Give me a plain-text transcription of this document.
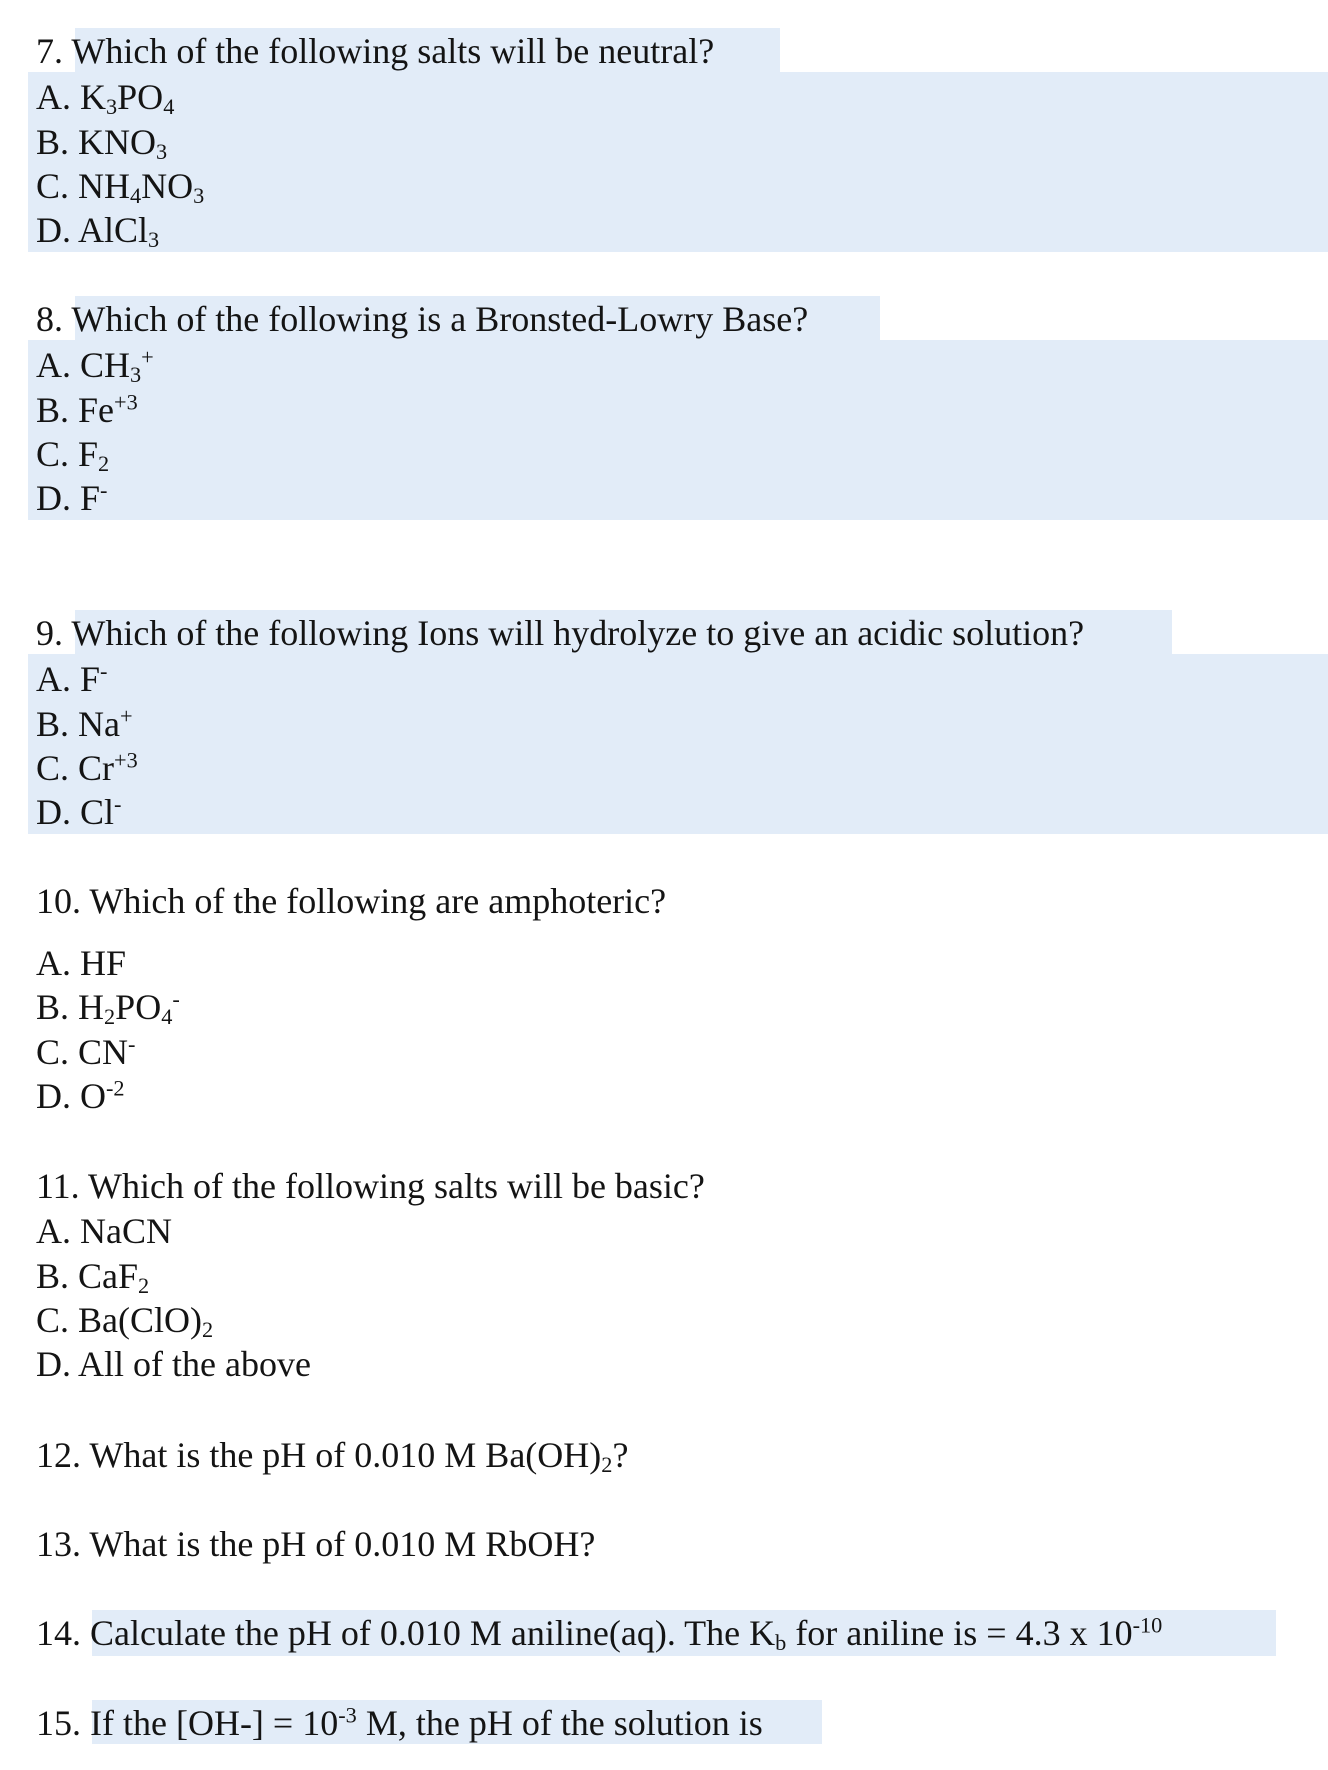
7. Which of the following salts will be neutral?
A. $K_3PO_4$
B. $KNO_3$
C. $NH_4NO_3$
D. AlCl$_3$
8. Which of the following is a Bronsted-Lowry Base?
A. $CH_3^+$
B. $Fe^{+3}$
C. $F_2$
D. F-
9. Which of the following Ions will hydrolyze to give an acidic solution?
A. F-
B. Na+
C. $Cr^{+3}$
D. Cl-
10. Which of the following are amphoteric?
A. HF
B. $H_2PO_4^-$
C. CN-
D. $O^{-2}$
11. Which of the following salts will be basic?
A. NaCN
B. CaF$_2$
C. $Ba(ClO)_2$
D. All of the above
12. What is the pH of 0.010 M $Ba(OH)_2$?
13. What is the pH of 0.010 M RbOH?
14. Calculate the pH of 0.010 M aniline(aq). The $K_b$ for aniline is = 4.3 x $10^{-10}$
15. If the $[OH-] = 10^{-3}$ M, the pH of the solution is
